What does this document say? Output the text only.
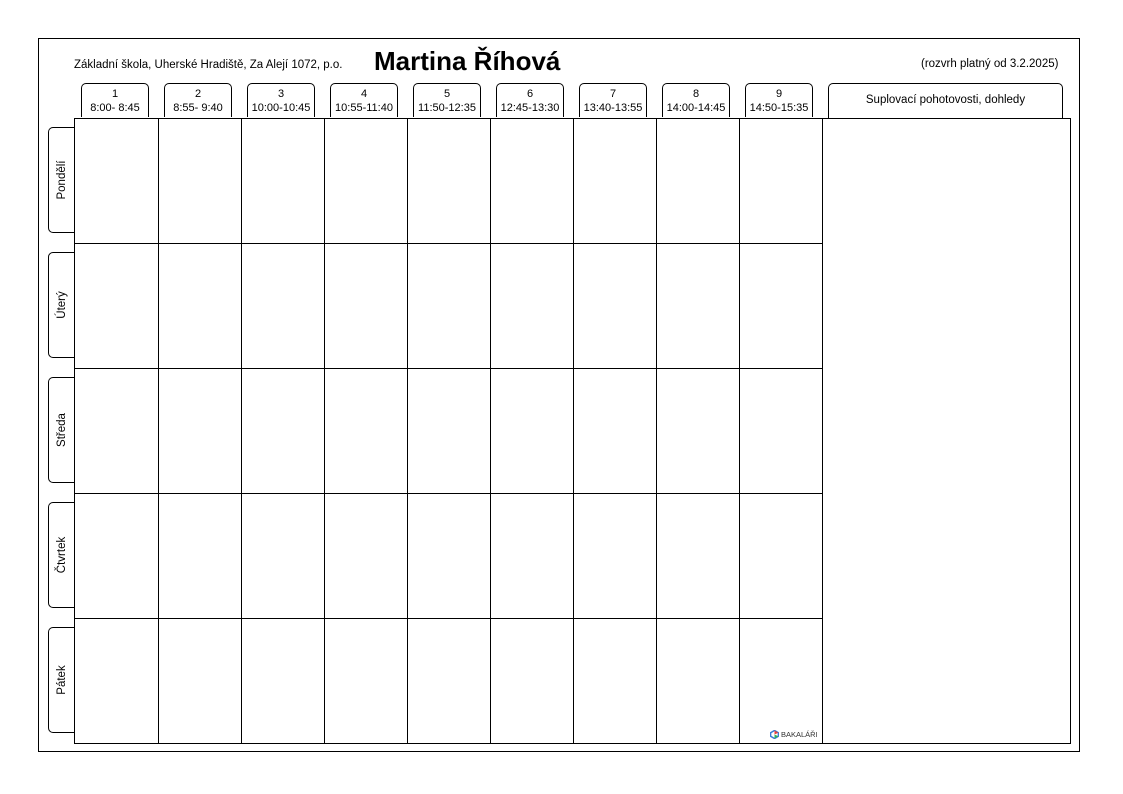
Základní škola, Uherské Hradiště, Za Alejí 1072, p.o. Martina Říhová	(rozvrh platný od 3.2.2025)
1
8:00- 8:45
2
8:55- 9:40
3
10:00-10:45
4
10:55-11:40
5
11:50-12:35
6
12:45-13:30
7
13:40-13:55
8
14:00-14:45
9
14:50-15:35
Suplovací pohotovosti, dohledy
Pondělí
Úterý
Středa
Čtvrtek
Pátek
BAKALÁŘI
